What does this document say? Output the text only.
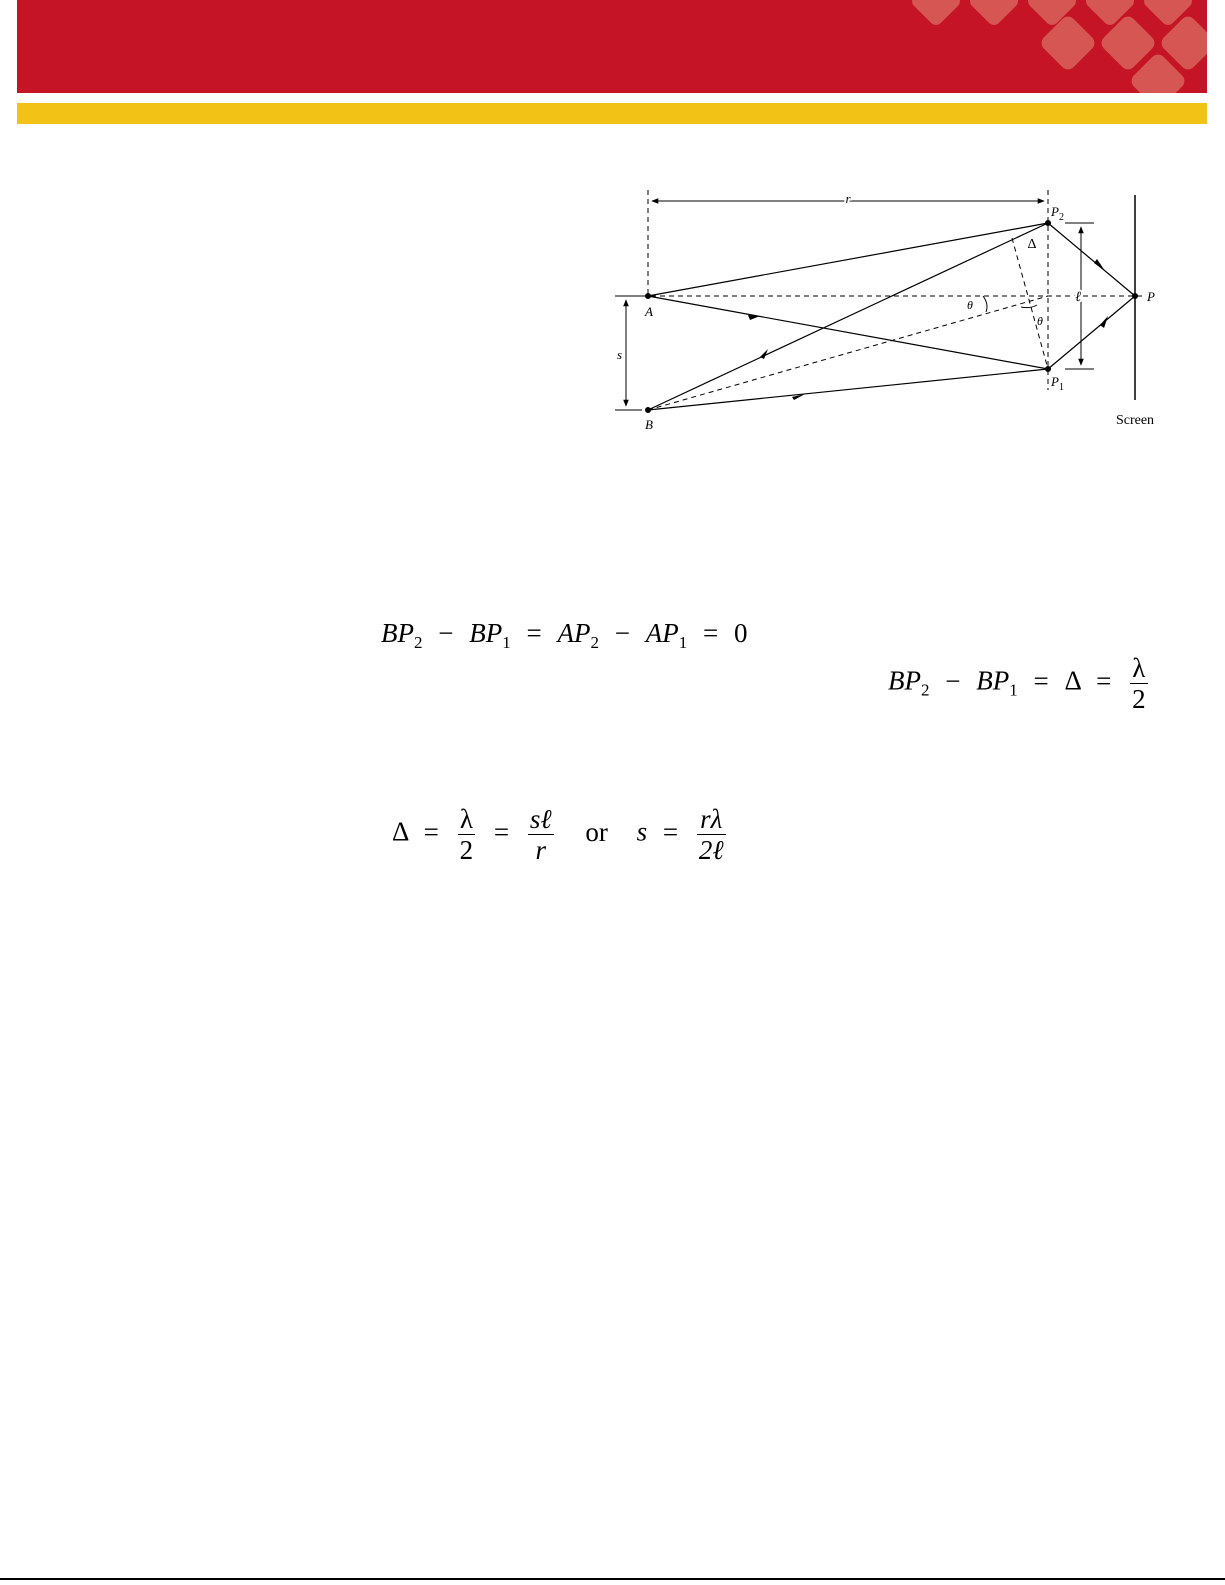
r
s
ℓ
Screen
θ
θ
Δ
A
B
$P_2$
$P_1$
P
$BP_2 - BP_1 = AP_2 - AP_1 = 0$
$BP_2 - BP_1 = \Delta = \frac{\lambda}{2}$
$\Delta = \frac{\lambda}{2} = \frac{\text{sℓ}}{r}$ or $s = \frac{r\lambda}{\text{2ℓ}}$
